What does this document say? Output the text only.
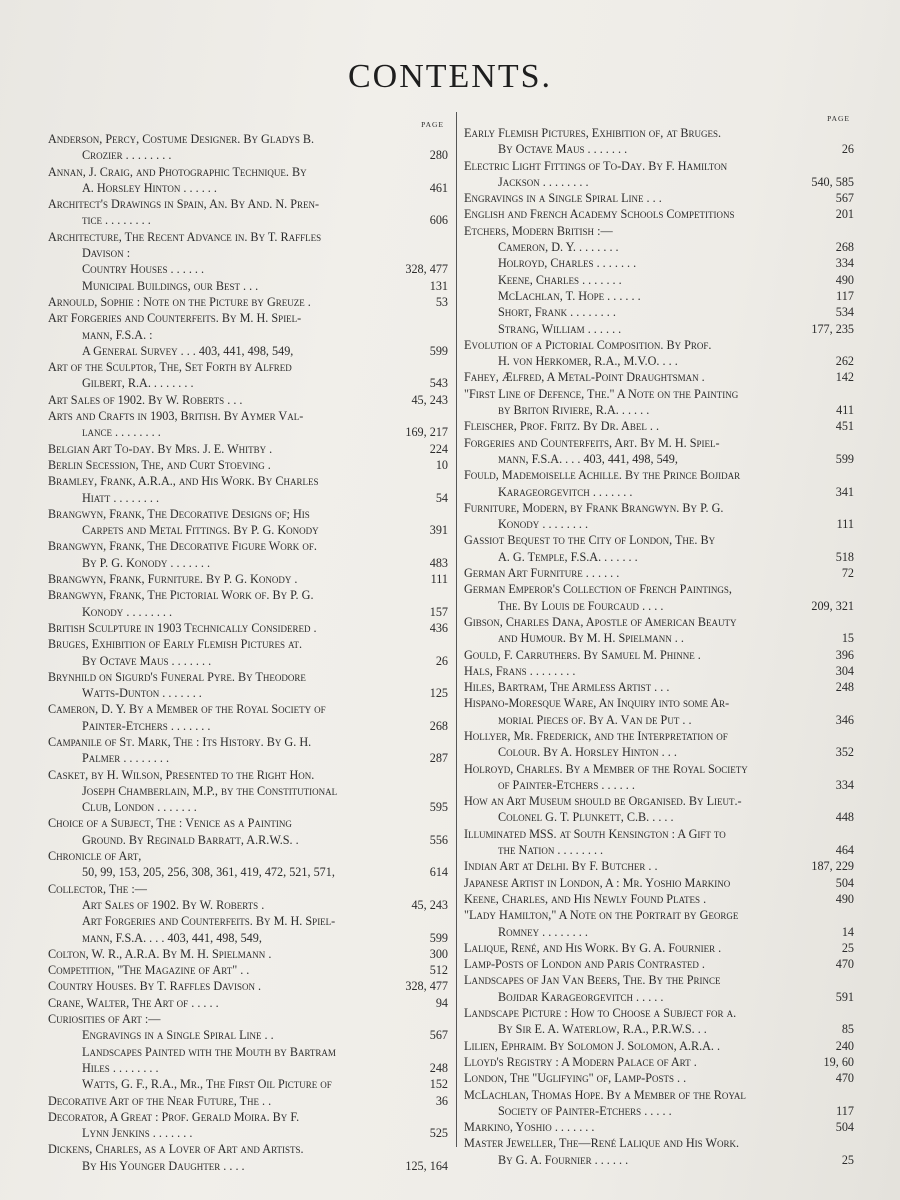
CONTENTS.
PAGE
Anderson, Percy, Costume Designer. By Gladys B.
280
Crozier . . . . . . . .
Annan, J. Craig, and Photographic Technique. By
461
A. Horsley Hinton . . . . . .
Architect's Drawings in Spain, An. By And. N. Pren-
606
tice . . . . . . . .
Architecture, The Recent Advance in. By T. Raffles
Davison :
328, 477
Country Houses . . . . . .
131
Municipal Buildings, our Best . . .
53
Arnould, Sophie : Note on the Picture by Greuze .
Art Forgeries and Counterfeits. By M. H. Spiel-
mann, F.S.A. :
599
A General Survey . . . 403, 441, 498, 549,
Art of the Sculptor, The, Set Forth by Alfred
543
Gilbert, R.A. . . . . . . .
45, 243
Art Sales of 1902. By W. Roberts . . .
Arts and Crafts in 1903, British. By Aymer Val-
169, 217
lance . . . . . . . .
224
Belgian Art To-day. By Mrs. J. E. Whitby .
10
Berlin Secession, The, and Curt Stoeving .
Bramley, Frank, A.R.A., and His Work. By Charles
54
Hiatt . . . . . . . .
Brangwyn, Frank, The Decorative Designs of; His
391
Carpets and Metal Fittings. By P. G. Konody
Brangwyn, Frank, The Decorative Figure Work of.
483
By P. G. Konody . . . . . . .
111
Brangwyn, Frank, Furniture. By P. G. Konody .
Brangwyn, Frank, The Pictorial Work of. By P. G.
157
Konody . . . . . . . .
436
British Sculpture in 1903 Technically Considered .
Bruges, Exhibition of Early Flemish Pictures at.
26
By Octave Maus . . . . . . .
Brynhild on Sigurd's Funeral Pyre. By Theodore
125
Watts-Dunton . . . . . . .
Cameron, D. Y. By a Member of the Royal Society of
268
Painter-Etchers . . . . . . .
Campanile of St. Mark, The : Its History. By G. H.
287
Palmer . . . . . . . .
Casket, by H. Wilson, Presented to the Right Hon.
Joseph Chamberlain, M.P., by the Constitutional
595
Club, London . . . . . . .
Choice of a Subject, The : Venice as a Painting
556
Ground. By Reginald Barratt, A.R.W.S. .
Chronicle of Art,
614
50, 99, 153, 205, 256, 308, 361, 419, 472, 521, 571,
Collector, The :—
45, 243
Art Sales of 1902. By W. Roberts .
Art Forgeries and Counterfeits. By M. H. Spiel-
599
mann, F.S.A. . . . 403, 441, 498, 549,
300
Colton, W. R., A.R.A. By M. H. Spielmann .
512
Competition, "The Magazine of Art" . .
328, 477
Country Houses. By T. Raffles Davison .
94
Crane, Walter, The Art of . . . . .
Curiosities of Art :—
567
Engravings in a Single Spiral Line . .
Landscapes Painted with the Mouth by Bartram
248
Hiles . . . . . . . .
152
Watts, G. F., R.A., Mr., The First Oil Picture of
36
Decorative Art of the Near Future, The . .
Decorator, A Great : Prof. Gerald Moira. By F.
525
Lynn Jenkins . . . . . . .
Dickens, Charles, as a Lover of Art and Artists.
125, 164
By His Younger Daughter . . . .
PAGE
Early Flemish Pictures, Exhibition of, at Bruges.
26
By Octave Maus . . . . . . .
Electric Light Fittings of To-Day. By F. Hamilton
540, 585
Jackson . . . . . . . .
567
Engravings in a Single Spiral Line . . .
201
English and French Academy Schools Competitions
Etchers, Modern British :—
268
Cameron, D. Y. . . . . . . .
334
Holroyd, Charles . . . . . . .
490
Keene, Charles . . . . . . .
117
McLachlan, T. Hope . . . . . .
534
Short, Frank . . . . . . . .
177, 235
Strang, William . . . . . .
Evolution of a Pictorial Composition. By Prof.
262
H. von Herkomer, R.A., M.V.O. . . .
142
Fahey, Ælfred, A Metal-Point Draughtsman .
"First Line of Defence, The." A Note on the Painting
411
by Briton Riviere, R.A. . . . . .
451
Fleischer, Prof. Fritz. By Dr. Abel . .
Forgeries and Counterfeits, Art. By M. H. Spiel-
599
mann, F.S.A. . . . 403, 441, 498, 549,
Fould, Mademoiselle Achille. By the Prince Bojidar
341
Karageorgevitch . . . . . . .
Furniture, Modern, by Frank Brangwyn. By P. G.
111
Konody . . . . . . . .
Gassiot Bequest to the City of London, The. By
518
A. G. Temple, F.S.A. . . . . . .
72
German Art Furniture . . . . . .
German Emperor's Collection of French Paintings,
209, 321
The. By Louis de Fourcaud . . . .
Gibson, Charles Dana, Apostle of American Beauty
15
and Humour. By M. H. Spielmann . .
396
Gould, F. Carruthers. By Samuel M. Phinne .
304
Hals, Frans . . . . . . . .
248
Hiles, Bartram, The Armless Artist . . .
Hispano-Moresque Ware, An Inquiry into some Ar-
346
morial Pieces of. By A. Van de Put . .
Hollyer, Mr. Frederick, and the Interpretation of
352
Colour. By A. Horsley Hinton . . .
Holroyd, Charles. By a Member of the Royal Society
334
of Painter-Etchers . . . . . .
How an Art Museum should be Organised. By Lieut.-
448
Colonel G. T. Plunkett, C.B. . . . .
Illuminated MSS. at South Kensington : A Gift to
464
the Nation . . . . . . . .
187, 229
Indian Art at Delhi. By F. Butcher . .
504
Japanese Artist in London, A : Mr. Yoshio Markino
490
Keene, Charles, and His Newly Found Plates .
"Lady Hamilton," A Note on the Portrait by George
14
Romney . . . . . . . .
25
Lalique, René, and His Work. By G. A. Fournier .
470
Lamp-Posts of London and Paris Contrasted .
Landscapes of Jan Van Beers, The. By the Prince
591
Bojidar Karageorgevitch . . . . .
Landscape Picture : How to Choose a Subject for a.
85
By Sir E. A. Waterlow, R.A., P.R.W.S. . .
240
Lilien, Ephraim. By Solomon J. Solomon, A.R.A. .
19, 60
Lloyd's Registry : A Modern Palace of Art .
470
London, The "Uglifying" of, Lamp-Posts . .
McLachlan, Thomas Hope. By a Member of the Royal
117
Society of Painter-Etchers . . . . .
504
Markino, Yoshio . . . . . . .
Master Jeweller, The—René Lalique and His Work.
25
By G. A. Fournier . . . . . .
